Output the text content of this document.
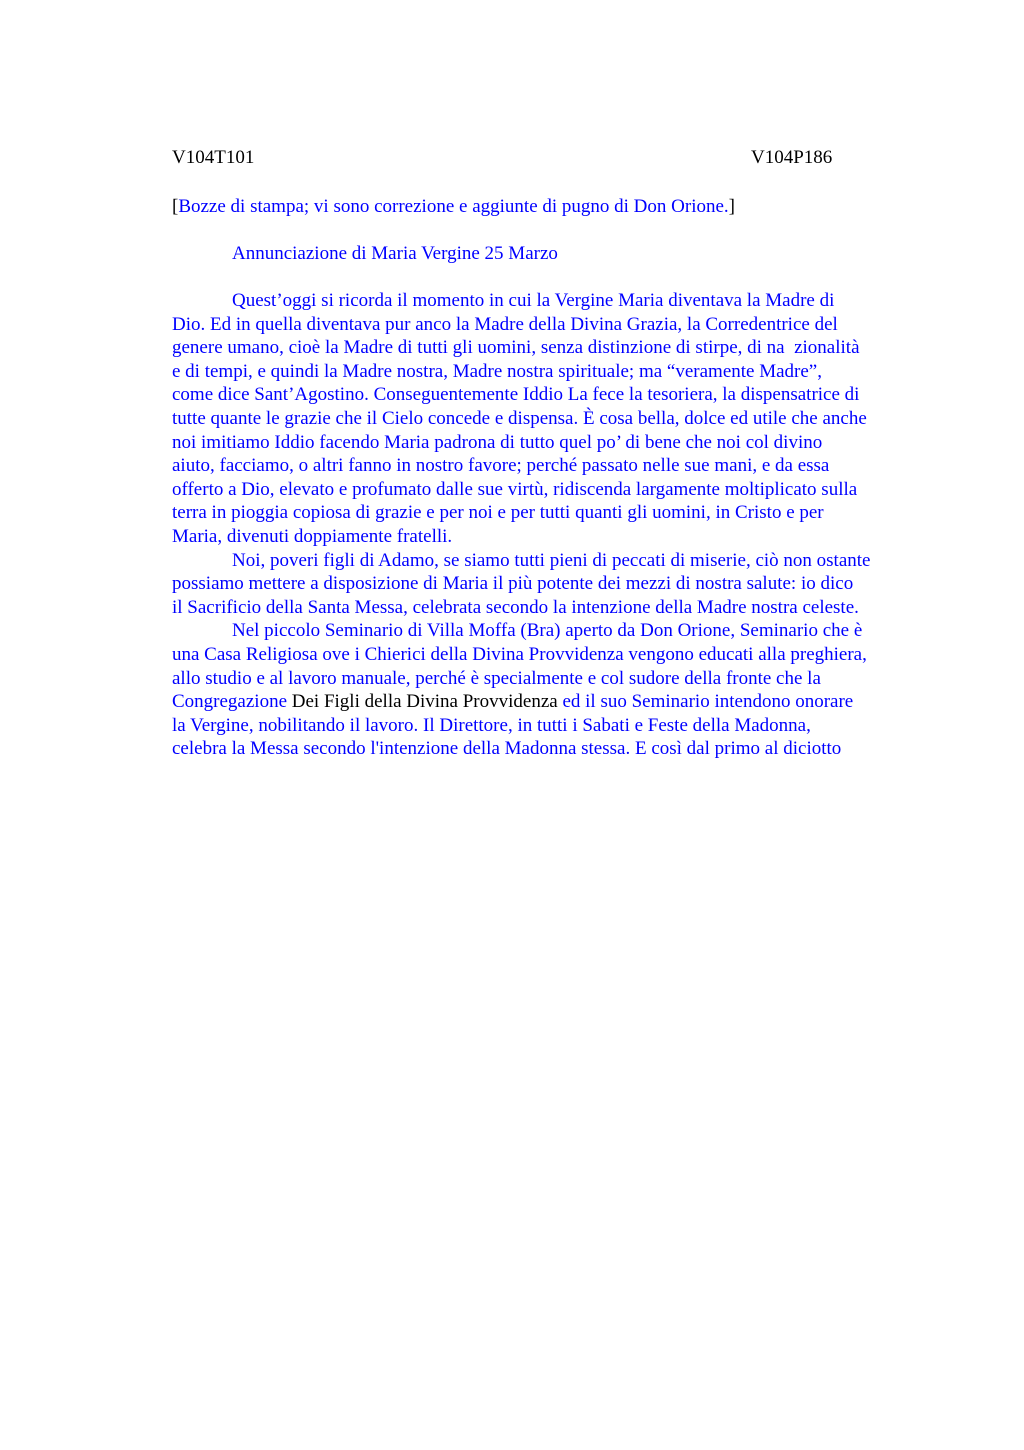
V104T101	V104P186
[Bozze di stampa; vi sono correzione e aggiunte di pugno di Don Orione.]
Annunciazione di Maria Vergine 25 Marzo
Quest’oggi si ricorda il momento in cui la Vergine Maria diventava la Madre di
Dio. Ed in quella diventava pur anco la Madre della Divina Grazia, la Corredentrice del
genere umano, cioè la Madre di tutti gli uomini, senza distinzione di stirpe, di na  zionalità
e di tempi, e quindi la Madre nostra, Madre nostra spirituale; ma “veramente Madre”,
come dice Sant’Agostino. Conseguentemente Iddio La fece la tesoriera, la dispensatrice di
tutte quante le grazie che il Cielo concede e dispensa. È cosa bella, dolce ed utile che anche
noi imitiamo Iddio facendo Maria padrona di tutto quel po’ di bene che noi col divino
aiuto, facciamo, o altri fanno in nostro favore; perché passato nelle sue mani, e da essa
offerto a Dio, elevato e profumato dalle sue virtù, ridiscenda largamente moltiplicato sulla
terra in pioggia copiosa di grazie e per noi e per tutti quanti gli uomini, in Cristo e per
Maria, divenuti doppiamente fratelli.
Noi, poveri figli di Adamo, se siamo tutti pieni di peccati di miserie, ciò non ostante
possiamo mettere a disposizione di Maria il più potente dei mezzi di nostra salute: io dico
il Sacrificio della Santa Messa, celebrata secondo la intenzione della Madre nostra celeste.
Nel piccolo Seminario di Villa Moffa (Bra) aperto da Don Orione, Seminario che è
una Casa Religiosa ove i Chierici della Divina Provvidenza vengono educati alla preghiera,
allo studio e al lavoro manuale, perché è specialmente e col sudore della fronte che la
Congregazione Dei Figli della Divina Provvidenza ed il suo Seminario intendono onorare
la Vergine, nobilitando il lavoro. Il Direttore, in tutti i Sabati e Feste della Madonna,
celebra la Messa secondo l'intenzione della Madonna stessa. E così dal primo al diciotto
